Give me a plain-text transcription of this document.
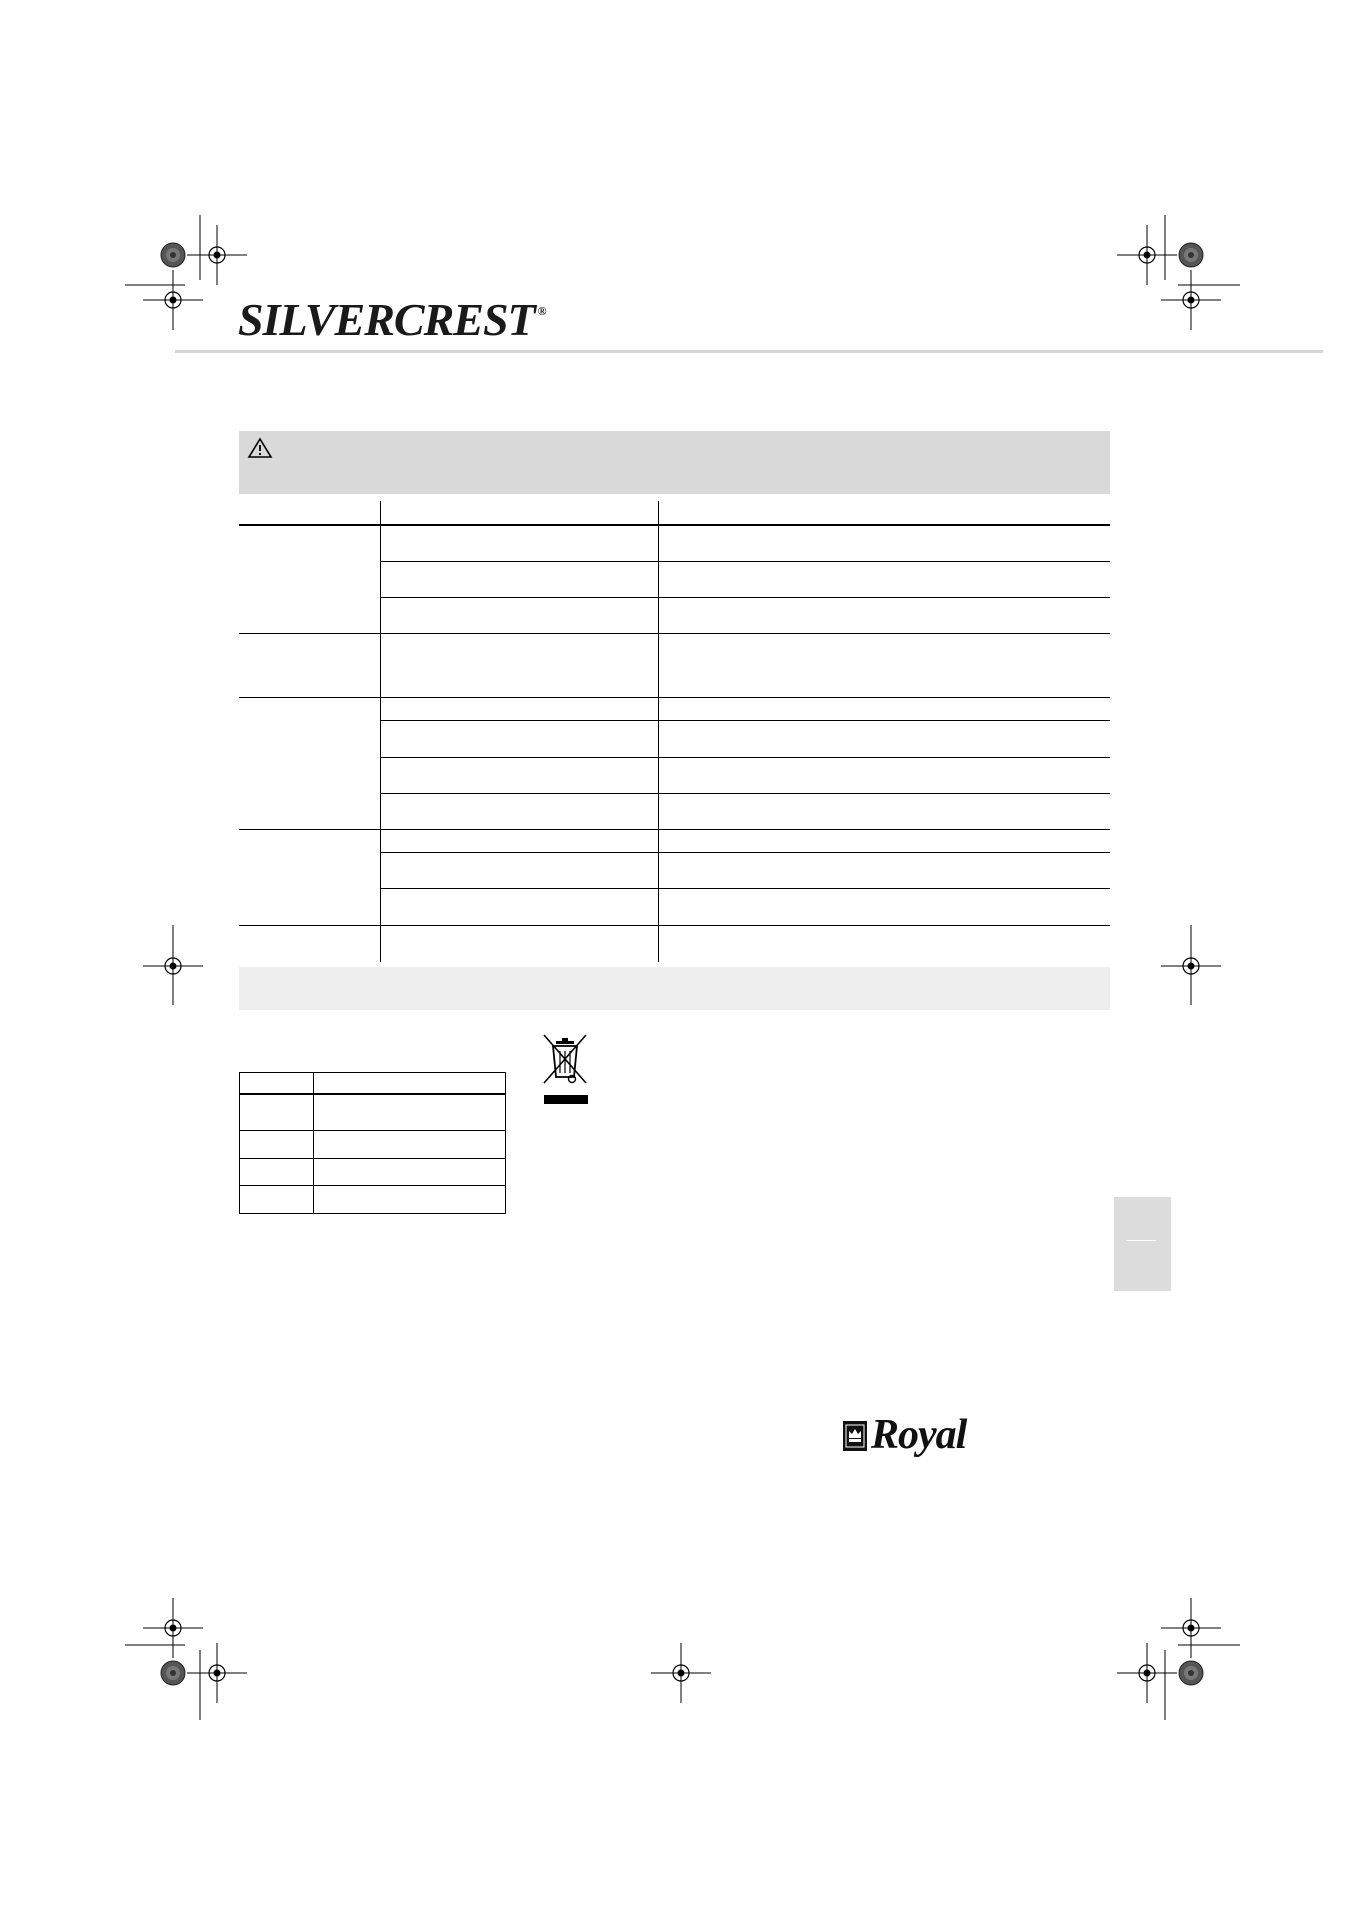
SILVERCREST ®
Royal
